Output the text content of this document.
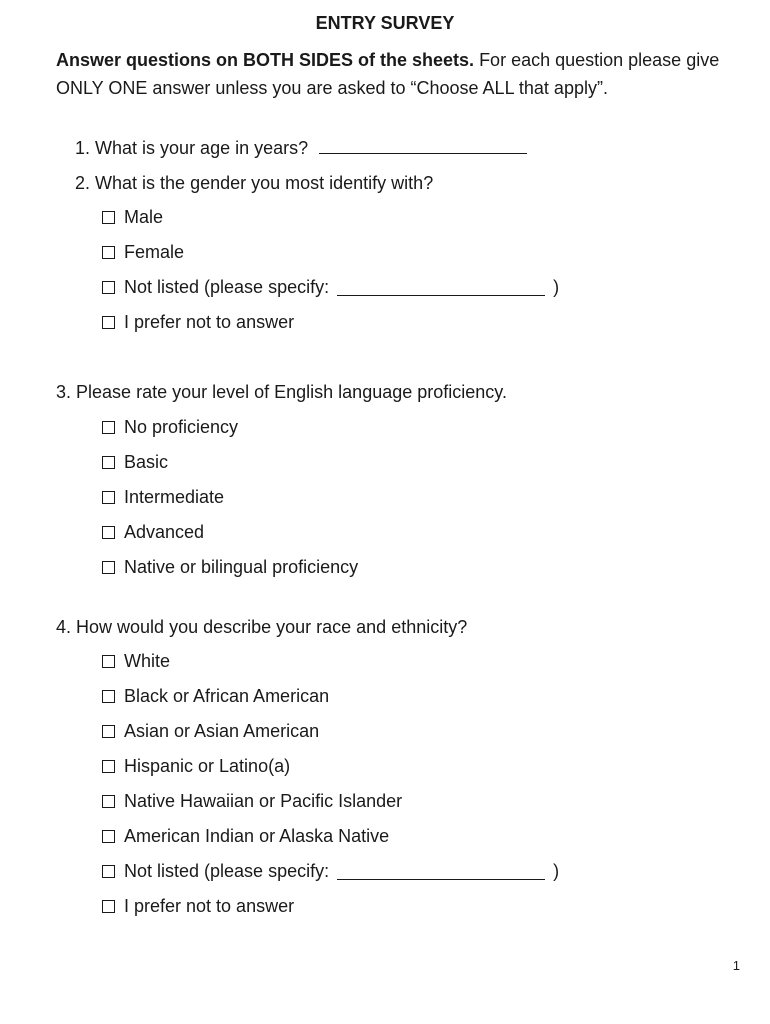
ENTRY SURVEY
Answer questions on BOTH SIDES of the sheets. For each question please give ONLY ONE answer unless you are asked to “Choose ALL that apply”.
1. What is your age in years?
2. What is the gender you most identify with?
Male
Female
Not listed (please specify:	)
I prefer not to answer
3. Please rate your level of English language proficiency.
No proficiency
Basic
Intermediate
Advanced
Native or bilingual proficiency
4. How would you describe your race and ethnicity?
White
Black or African American
Asian or Asian American
Hispanic or Latino(a)
Native Hawaiian or Pacific Islander
American Indian or Alaska Native
Not listed (please specify:	)
I prefer not to answer
1
